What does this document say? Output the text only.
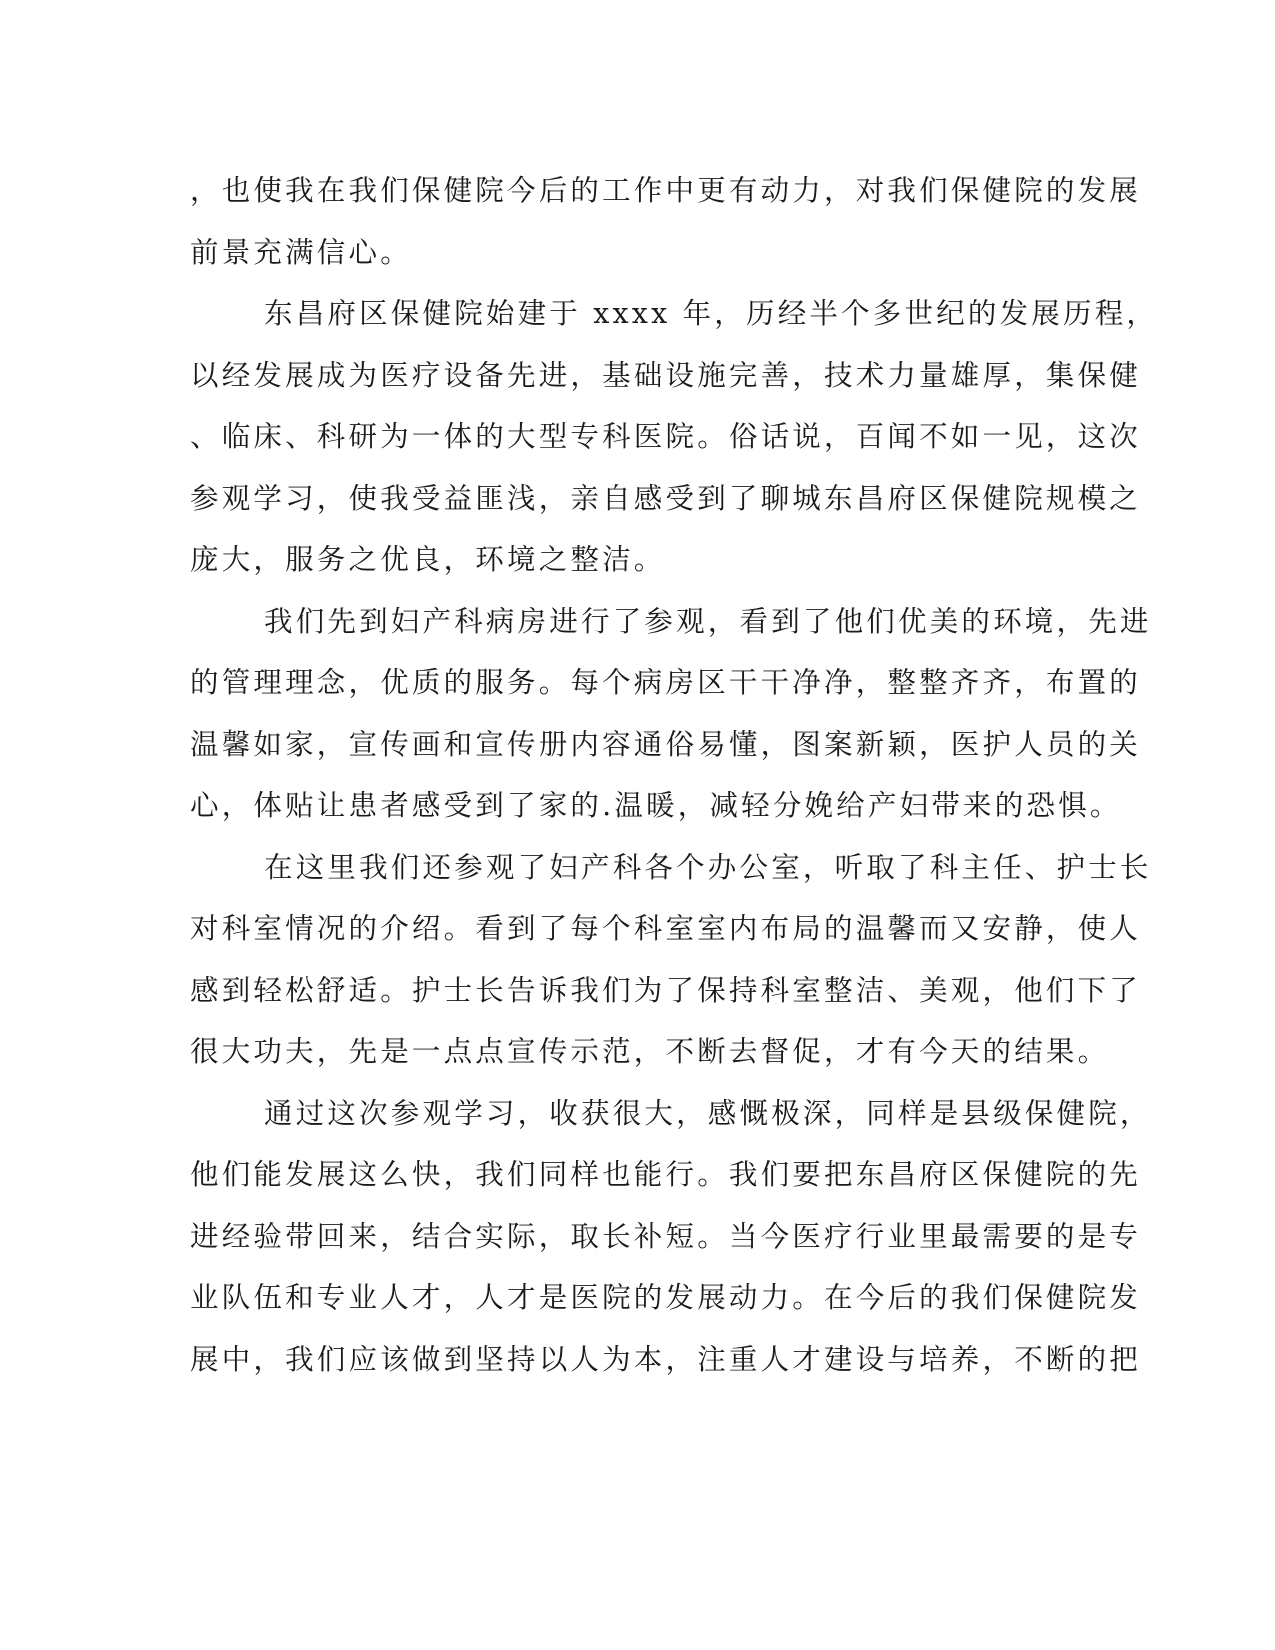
，也使我在我们保健院今后的工作中更有动力，对我们保健院的发展
前景充满信心。
东昌府区保健院始建于 xxxx 年，历经半个多世纪的发展历程，
以经发展成为医疗设备先进，基础设施完善，技术力量雄厚，集保健
、临床、科研为一体的大型专科医院。俗话说，百闻不如一见，这次
参观学习，使我受益匪浅，亲自感受到了聊城东昌府区保健院规模之
庞大，服务之优良，环境之整洁。
我们先到妇产科病房进行了参观，看到了他们优美的环境，先进
的管理理念，优质的服务。每个病房区干干净净，整整齐齐，布置的
温馨如家，宣传画和宣传册内容通俗易懂，图案新颖，医护人员的关
心，体贴让患者感受到了家的.温暖，减轻分娩给产妇带来的恐惧。
在这里我们还参观了妇产科各个办公室，听取了科主任、护士长
对科室情况的介绍。看到了每个科室室内布局的温馨而又安静，使人
感到轻松舒适。护士长告诉我们为了保持科室整洁、美观，他们下了
很大功夫，先是一点点宣传示范，不断去督促，才有今天的结果。
通过这次参观学习，收获很大，感慨极深，同样是县级保健院，
他们能发展这么快，我们同样也能行。我们要把东昌府区保健院的先
进经验带回来，结合实际，取长补短。当今医疗行业里最需要的是专
业队伍和专业人才，人才是医院的发展动力。在今后的我们保健院发
展中，我们应该做到坚持以人为本，注重人才建设与培养，不断的把
